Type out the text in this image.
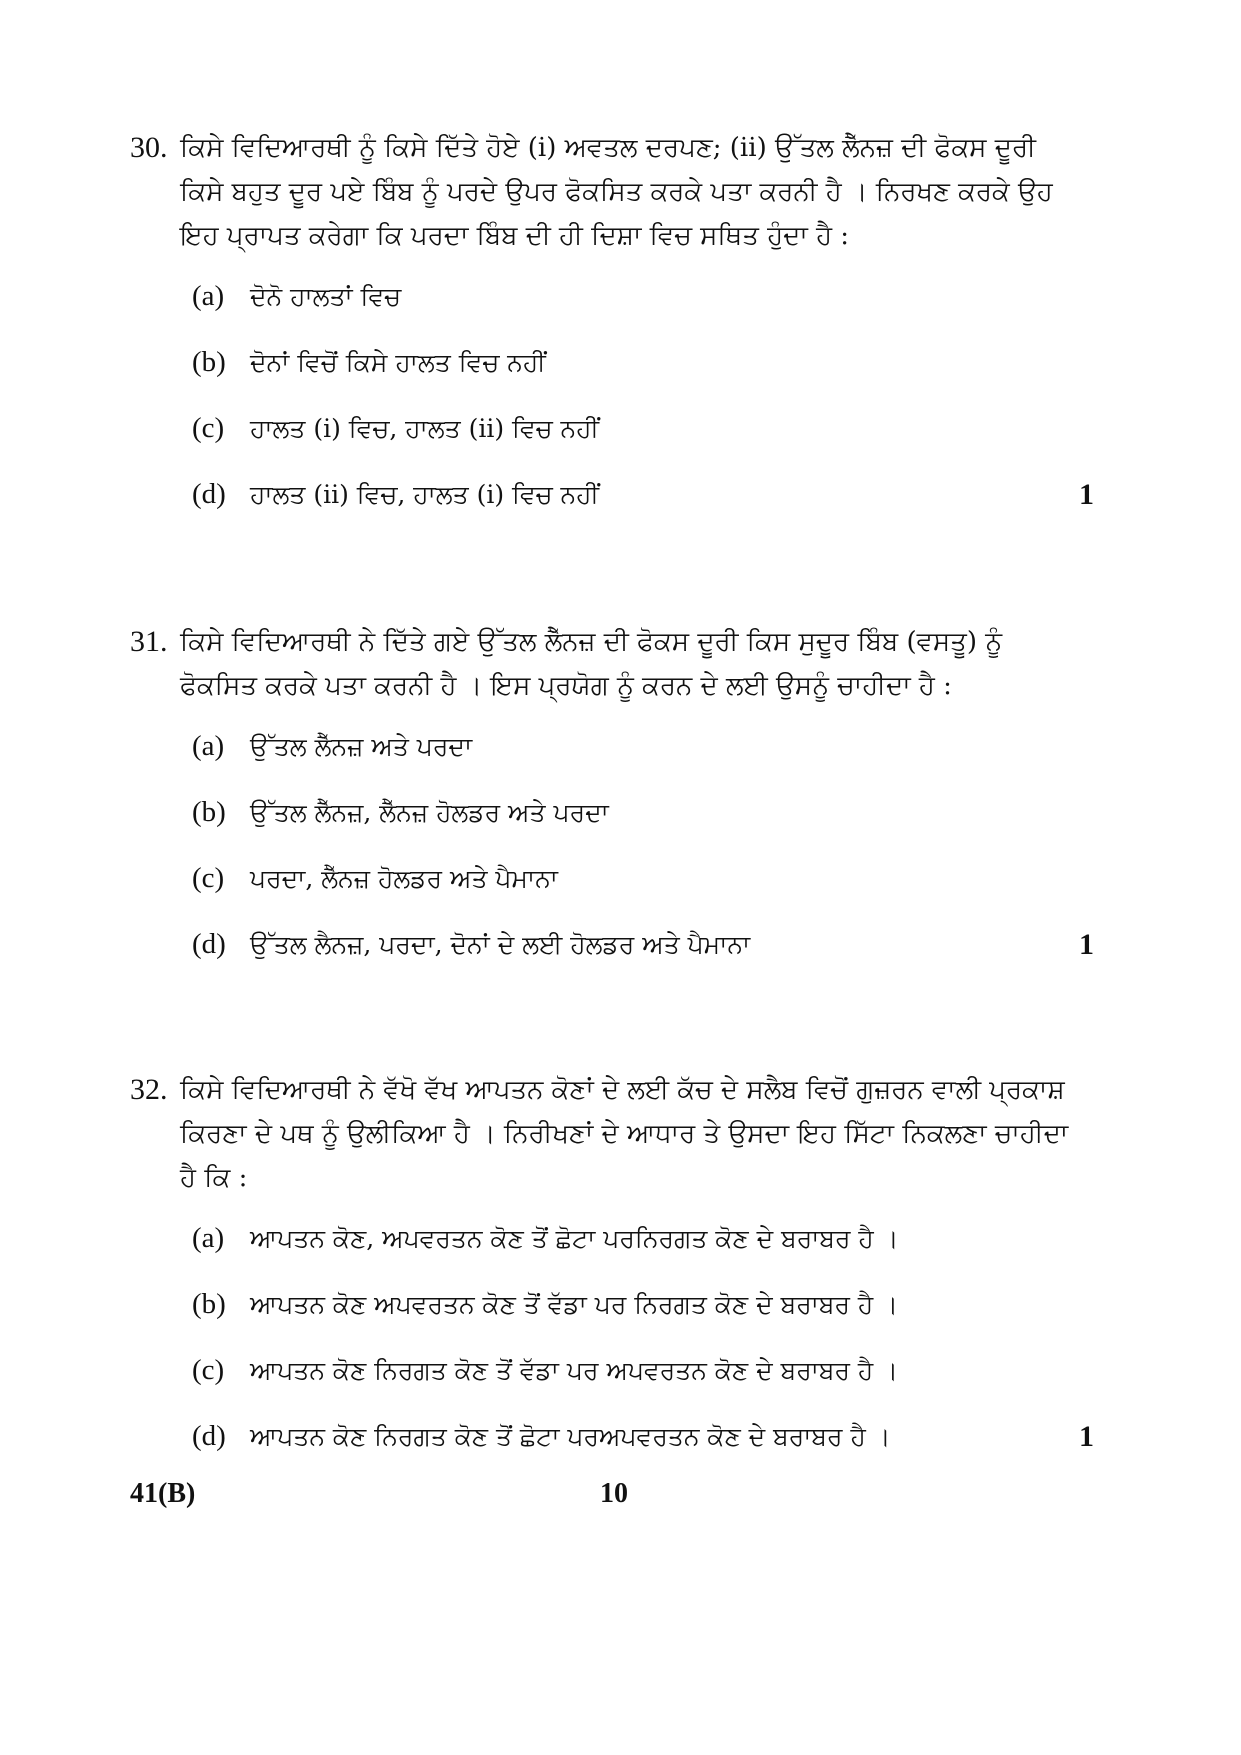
30. ਕਿਸੇ ਵਿਦਿਆਰਥੀ ਨੂੰ ਕਿਸੇ ਦਿੱਤੇ ਹੋਏ (i) ਅਵਤਲ ਦਰਪਣ; (ii) ਉੱਤਲ ਲੈੱਨਜ਼ ਦੀ ਫੋਕਸ ਦੂਰੀ ਕਿਸੇ ਬਹੁਤ ਦੂਰ ਪਏ ਬਿੰਬ ਨੂੰ ਪਰਦੇ ਉਪਰ ਫੋਕਸਿਤ ਕਰਕੇ ਪਤਾ ਕਰਨੀ ਹੈ । ਨਿਰਖਣ ਕਰਕੇ ਉਹ ਇਹ ਪ੍ਰਾਪਤ ਕਰੇਗਾ ਕਿ ਪਰਦਾ ਬਿੰਬ ਦੀ ਹੀ ਦਿਸ਼ਾ ਵਿਚ ਸਥਿਤ ਹੁੰਦਾ ਹੈ :
(a)	ਦੋਨੋ ਹਾਲਤਾਂ ਵਿਚ
(b) ਦੋਨਾਂ ਵਿਚੋਂ ਕਿਸੇ ਹਾਲਤ ਵਿਚ ਨਹੀਂ
(c)	ਹਾਲਤ (i) ਵਿਚ, ਹਾਲਤ (ii) ਵਿਚ ਨਹੀਂ
(d) ਹਾਲਤ (ii) ਵਿਚ, ਹਾਲਤ (i) ਵਿਚ ਨਹੀਂ	1
31. ਕਿਸੇ ਵਿਦਿਆਰਥੀ ਨੇ ਦਿੱਤੇ ਗਏ ਉੱਤਲ ਲੈੱਨਜ਼ ਦੀ ਫੋਕਸ ਦੂਰੀ ਕਿਸ ਸੁਦੂਰ ਬਿੰਬ (ਵਸਤੂ) ਨੂੰ ਫੋਕਸਿਤ ਕਰਕੇ ਪਤਾ ਕਰਨੀ ਹੈ । ਇਸ ਪ੍ਰਯੋਗ ਨੂੰ ਕਰਨ ਦੇ ਲਈ ਉਸਨੂੰ ਚਾਹੀਦਾ ਹੈ :
(a)	ਉੱਤਲ ਲੈੱਨਜ਼ ਅਤੇ ਪਰਦਾ
(b) ਉੱਤਲ ਲੈੱਨਜ਼, ਲੈੱਨਜ਼ ਹੋਲਡਰ ਅਤੇ ਪਰਦਾ
(c)	ਪਰਦਾ, ਲੈੱਨਜ਼ ਹੋਲਡਰ ਅਤੇ ਪੈਮਾਨਾ
(d) ਉੱਤਲ ਲੈਨਜ਼, ਪਰਦਾ, ਦੋਨਾਂ ਦੇ ਲਈ ਹੋਲਡਰ ਅਤੇ ਪੈਮਾਨਾ	1
32. ਕਿਸੇ ਵਿਦਿਆਰਥੀ ਨੇ ਵੱਖੋ ਵੱਖ ਆਪਤਨ ਕੋਣਾਂ ਦੇ ਲਈ ਕੱਚ ਦੇ ਸਲੈਬ ਵਿਚੋਂ ਗੁਜ਼ਰਨ ਵਾਲੀ ਪ੍ਰਕਾਸ਼ ਕਿਰਣਾ ਦੇ ਪਥ ਨੂੰ ਉਲੀਕਿਆ ਹੈ । ਨਿਰੀਖਣਾਂ ਦੇ ਆਧਾਰ ਤੇ ਉਸਦਾ ਇਹ ਸਿੱਟਾ ਨਿਕਲਣਾ ਚਾਹੀਦਾ ਹੈ ਕਿ :
(a)	ਆਪਤਨ ਕੋਣ, ਅਪਵਰਤਨ ਕੋਣ ਤੋਂ ਛੋਟਾ ਪਰਨਿਰਗਤ ਕੋਣ ਦੇ ਬਰਾਬਰ ਹੈ ।
(b) ਆਪਤਨ ਕੋਣ ਅਪਵਰਤਨ ਕੋਣ ਤੋਂ ਵੱਡਾ ਪਰ ਨਿਰਗਤ ਕੋਣ ਦੇ ਬਰਾਬਰ ਹੈ ।
(c)	ਆਪਤਨ ਕੋਣ ਨਿਰਗਤ ਕੋਣ ਤੋਂ ਵੱਡਾ ਪਰ ਅਪਵਰਤਨ ਕੋਣ ਦੇ ਬਰਾਬਰ ਹੈ ।
(d) ਆਪਤਨ ਕੋਣ ਨਿਰਗਤ ਕੋਣ ਤੋਂ ਛੋਟਾ ਪਰਅਪਵਰਤਨ ਕੋਣ ਦੇ ਬਰਾਬਰ ਹੈ ।	1
41(B)	10
